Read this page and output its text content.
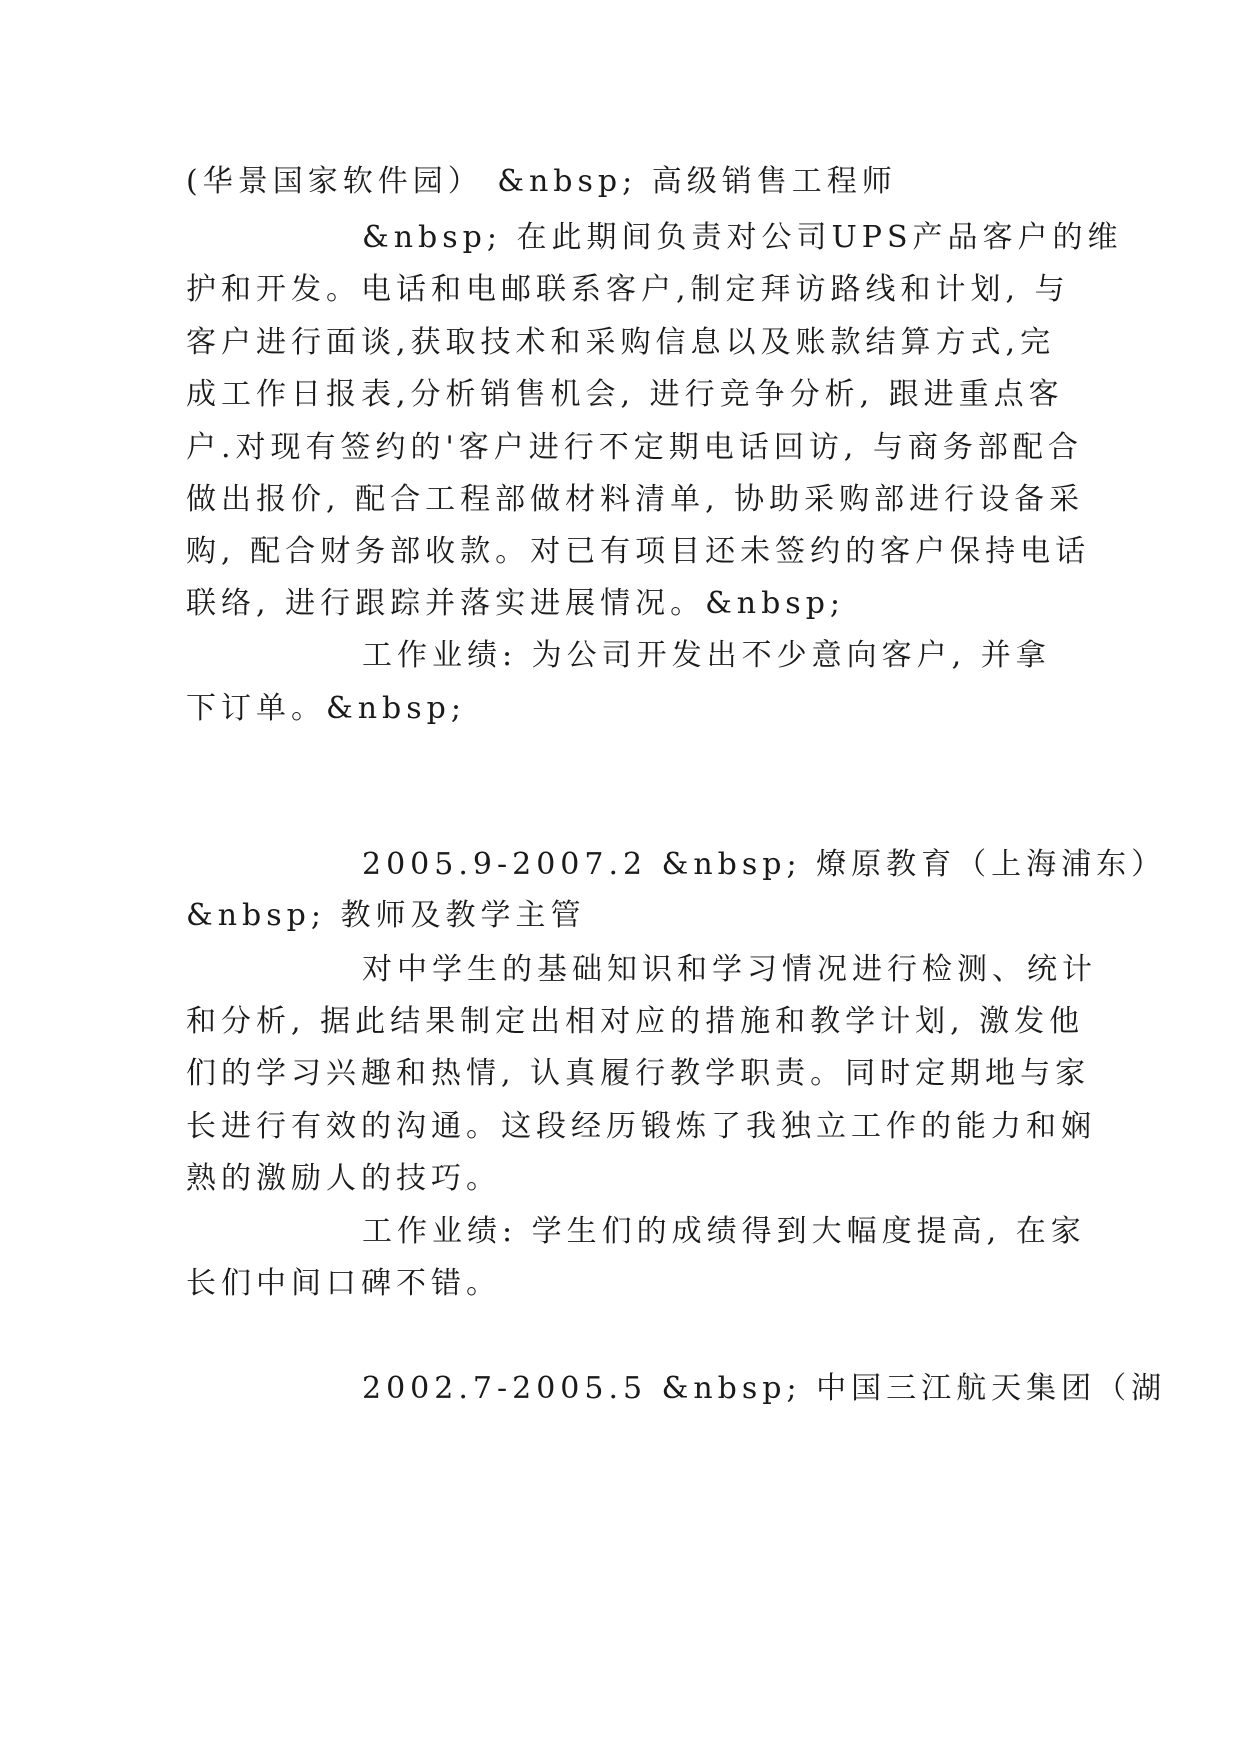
(华景国家软件园） &nbsp; 高级销售工程师
&nbsp; 在此期间负责对公司UPS产品客户的维
护和开发。电话和电邮联系客户,制定拜访路线和计划, 与
客户进行面谈,获取技术和采购信息以及账款结算方式,完
成工作日报表,分析销售机会, 进行竞争分析, 跟进重点客
户.对现有签约的'客户进行不定期电话回访, 与商务部配合
做出报价, 配合工程部做材料清单, 协助采购部进行设备采
购, 配合财务部收款。对已有项目还未签约的客户保持电话
联络, 进行跟踪并落实进展情况。&nbsp;
工作业绩: 为公司开发出不少意向客户, 并拿
下订单。&nbsp;
2005.9-2007.2 &nbsp; 燎原教育（上海浦东）
&nbsp; 教师及教学主管
对中学生的基础知识和学习情况进行检测、统计
和分析, 据此结果制定出相对应的措施和教学计划, 激发他
们的学习兴趣和热情, 认真履行教学职责。同时定期地与家
长进行有效的沟通。这段经历锻炼了我独立工作的能力和娴
熟的激励人的技巧。
工作业绩: 学生们的成绩得到大幅度提高, 在家
长们中间口碑不错。
2002.7-2005.5 &nbsp; 中国三江航天集团（湖
